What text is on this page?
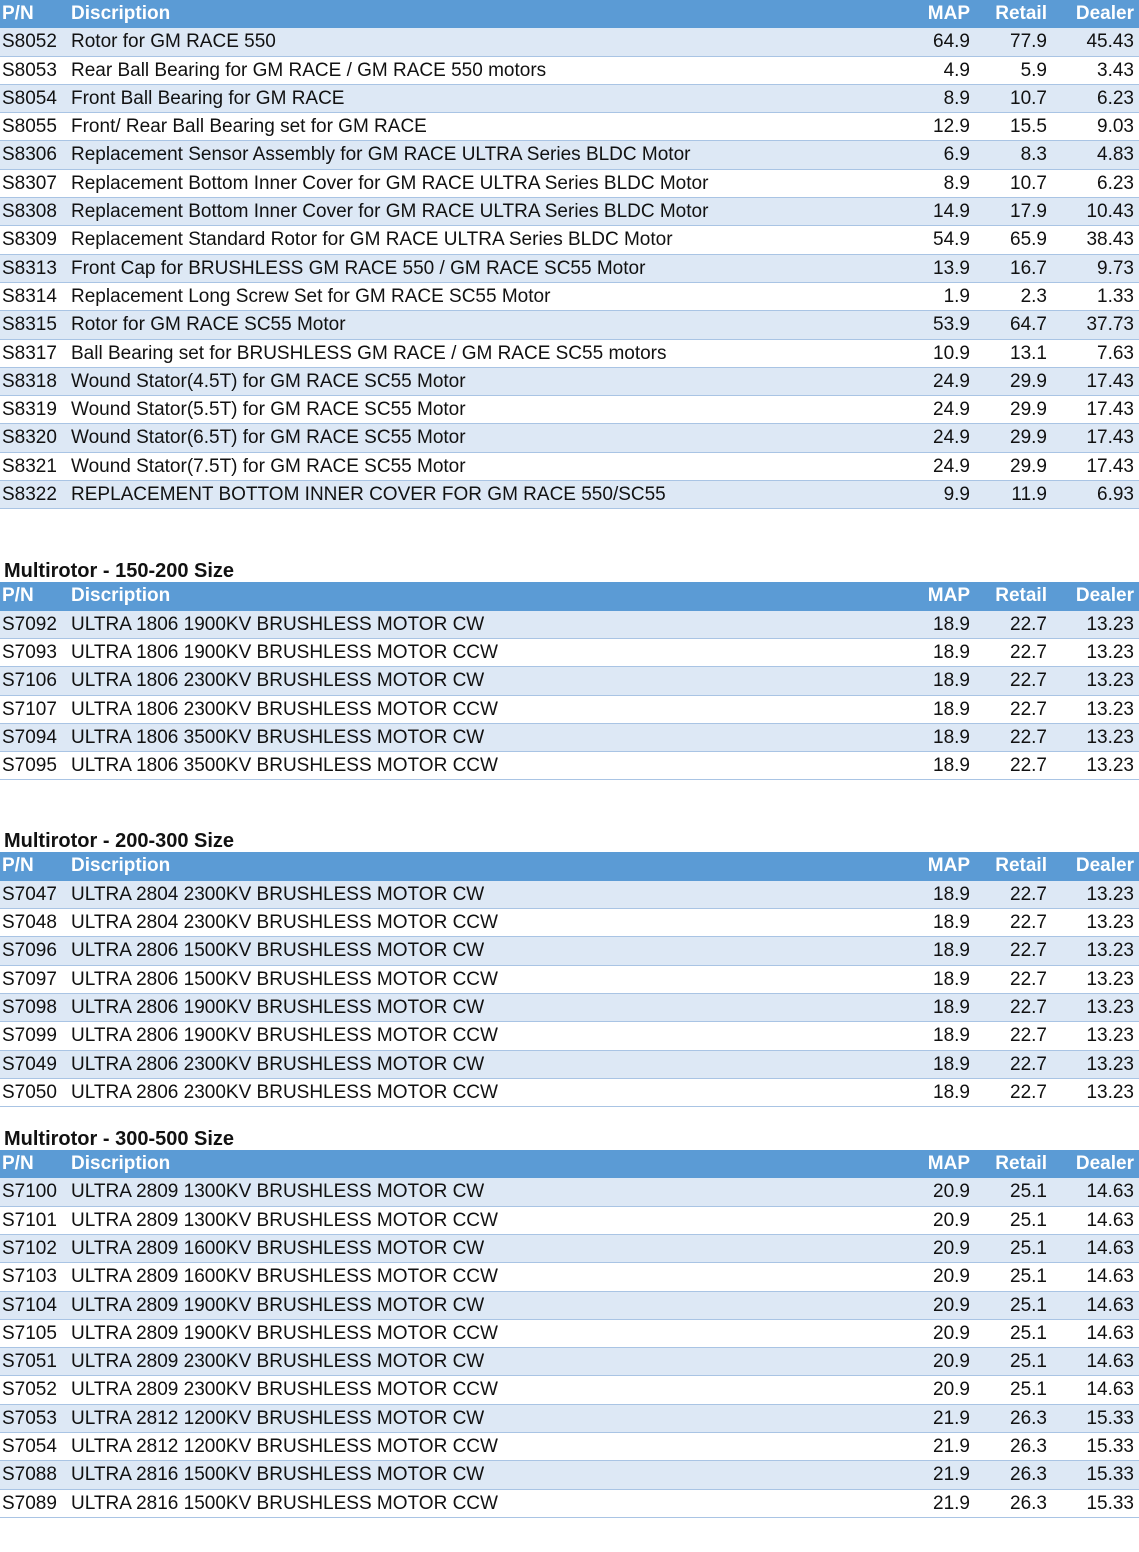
P/N	Discription	MAP	Retail	Dealer
S8052 Rotor for GM RACE 550	64.9	77.9	45.43
S8053 Rear Ball Bearing for GM RACE / GM RACE 550 motors	4.9	5.9	3.43
S8054 Front Ball Bearing for GM RACE	8.9	10.7	6.23
S8055 Front/ Rear Ball Bearing set for GM RACE	12.9	15.5	9.03
S8306 Replacement Sensor Assembly for GM RACE ULTRA Series BLDC Motor	6.9	8.3	4.83
S8307 Replacement Bottom Inner Cover for GM RACE ULTRA Series BLDC Motor	8.9	10.7	6.23
S8308 Replacement Bottom Inner Cover for GM RACE ULTRA Series BLDC Motor	14.9	17.9	10.43
S8309 Replacement Standard Rotor for GM RACE ULTRA Series BLDC Motor	54.9	65.9	38.43
S8313 Front Cap for BRUSHLESS GM RACE 550 / GM RACE SC55 Motor	13.9	16.7	9.73
S8314 Replacement Long Screw Set for GM RACE SC55 Motor	1.9	2.3	1.33
S8315 Rotor for GM RACE SC55 Motor	53.9	64.7	37.73
S8317 Ball Bearing set for BRUSHLESS GM RACE / GM RACE SC55 motors	10.9	13.1	7.63
S8318 Wound Stator(4.5T) for GM RACE SC55 Motor	24.9	29.9	17.43
S8319 Wound Stator(5.5T) for GM RACE SC55 Motor	24.9	29.9	17.43
S8320 Wound Stator(6.5T) for GM RACE SC55 Motor	24.9	29.9	17.43
S8321 Wound Stator(7.5T) for GM RACE SC55 Motor	24.9	29.9	17.43
S8322 REPLACEMENT BOTTOM INNER COVER FOR GM RACE 550/SC55	9.9	11.9	6.93
Multirotor - 150-200 Size
P/N	Discription	MAP	Retail	Dealer
S7092 ULTRA 1806 1900KV BRUSHLESS MOTOR CW	18.9	22.7	13.23
S7093 ULTRA 1806 1900KV BRUSHLESS MOTOR CCW	18.9	22.7	13.23
S7106 ULTRA 1806 2300KV BRUSHLESS MOTOR CW	18.9	22.7	13.23
S7107 ULTRA 1806 2300KV BRUSHLESS MOTOR CCW	18.9	22.7	13.23
S7094 ULTRA 1806 3500KV BRUSHLESS MOTOR CW	18.9	22.7	13.23
S7095 ULTRA 1806 3500KV BRUSHLESS MOTOR CCW	18.9	22.7	13.23
Multirotor - 200-300 Size
P/N	Discription	MAP	Retail	Dealer
S7047 ULTRA 2804 2300KV BRUSHLESS MOTOR CW	18.9	22.7	13.23
S7048 ULTRA 2804 2300KV BRUSHLESS MOTOR CCW	18.9	22.7	13.23
S7096 ULTRA 2806 1500KV BRUSHLESS MOTOR CW	18.9	22.7	13.23
S7097 ULTRA 2806 1500KV BRUSHLESS MOTOR CCW	18.9	22.7	13.23
S7098 ULTRA 2806 1900KV BRUSHLESS MOTOR CW	18.9	22.7	13.23
S7099 ULTRA 2806 1900KV BRUSHLESS MOTOR CCW	18.9	22.7	13.23
S7049 ULTRA 2806 2300KV BRUSHLESS MOTOR CW	18.9	22.7	13.23
S7050 ULTRA 2806 2300KV BRUSHLESS MOTOR CCW	18.9	22.7	13.23
Multirotor - 300-500 Size
P/N	Discription	MAP	Retail	Dealer
S7100 ULTRA 2809 1300KV BRUSHLESS MOTOR CW	20.9	25.1	14.63
S7101 ULTRA 2809 1300KV BRUSHLESS MOTOR CCW	20.9	25.1	14.63
S7102 ULTRA 2809 1600KV BRUSHLESS MOTOR CW	20.9	25.1	14.63
S7103 ULTRA 2809 1600KV BRUSHLESS MOTOR CCW	20.9	25.1	14.63
S7104 ULTRA 2809 1900KV BRUSHLESS MOTOR CW	20.9	25.1	14.63
S7105 ULTRA 2809 1900KV BRUSHLESS MOTOR CCW	20.9	25.1	14.63
S7051 ULTRA 2809 2300KV BRUSHLESS MOTOR CW	20.9	25.1	14.63
S7052 ULTRA 2809 2300KV BRUSHLESS MOTOR CCW	20.9	25.1	14.63
S7053 ULTRA 2812 1200KV BRUSHLESS MOTOR CW	21.9	26.3	15.33
S7054 ULTRA 2812 1200KV BRUSHLESS MOTOR CCW	21.9	26.3	15.33
S7088 ULTRA 2816 1500KV BRUSHLESS MOTOR CW	21.9	26.3	15.33
S7089 ULTRA 2816 1500KV BRUSHLESS MOTOR CCW	21.9	26.3	15.33
